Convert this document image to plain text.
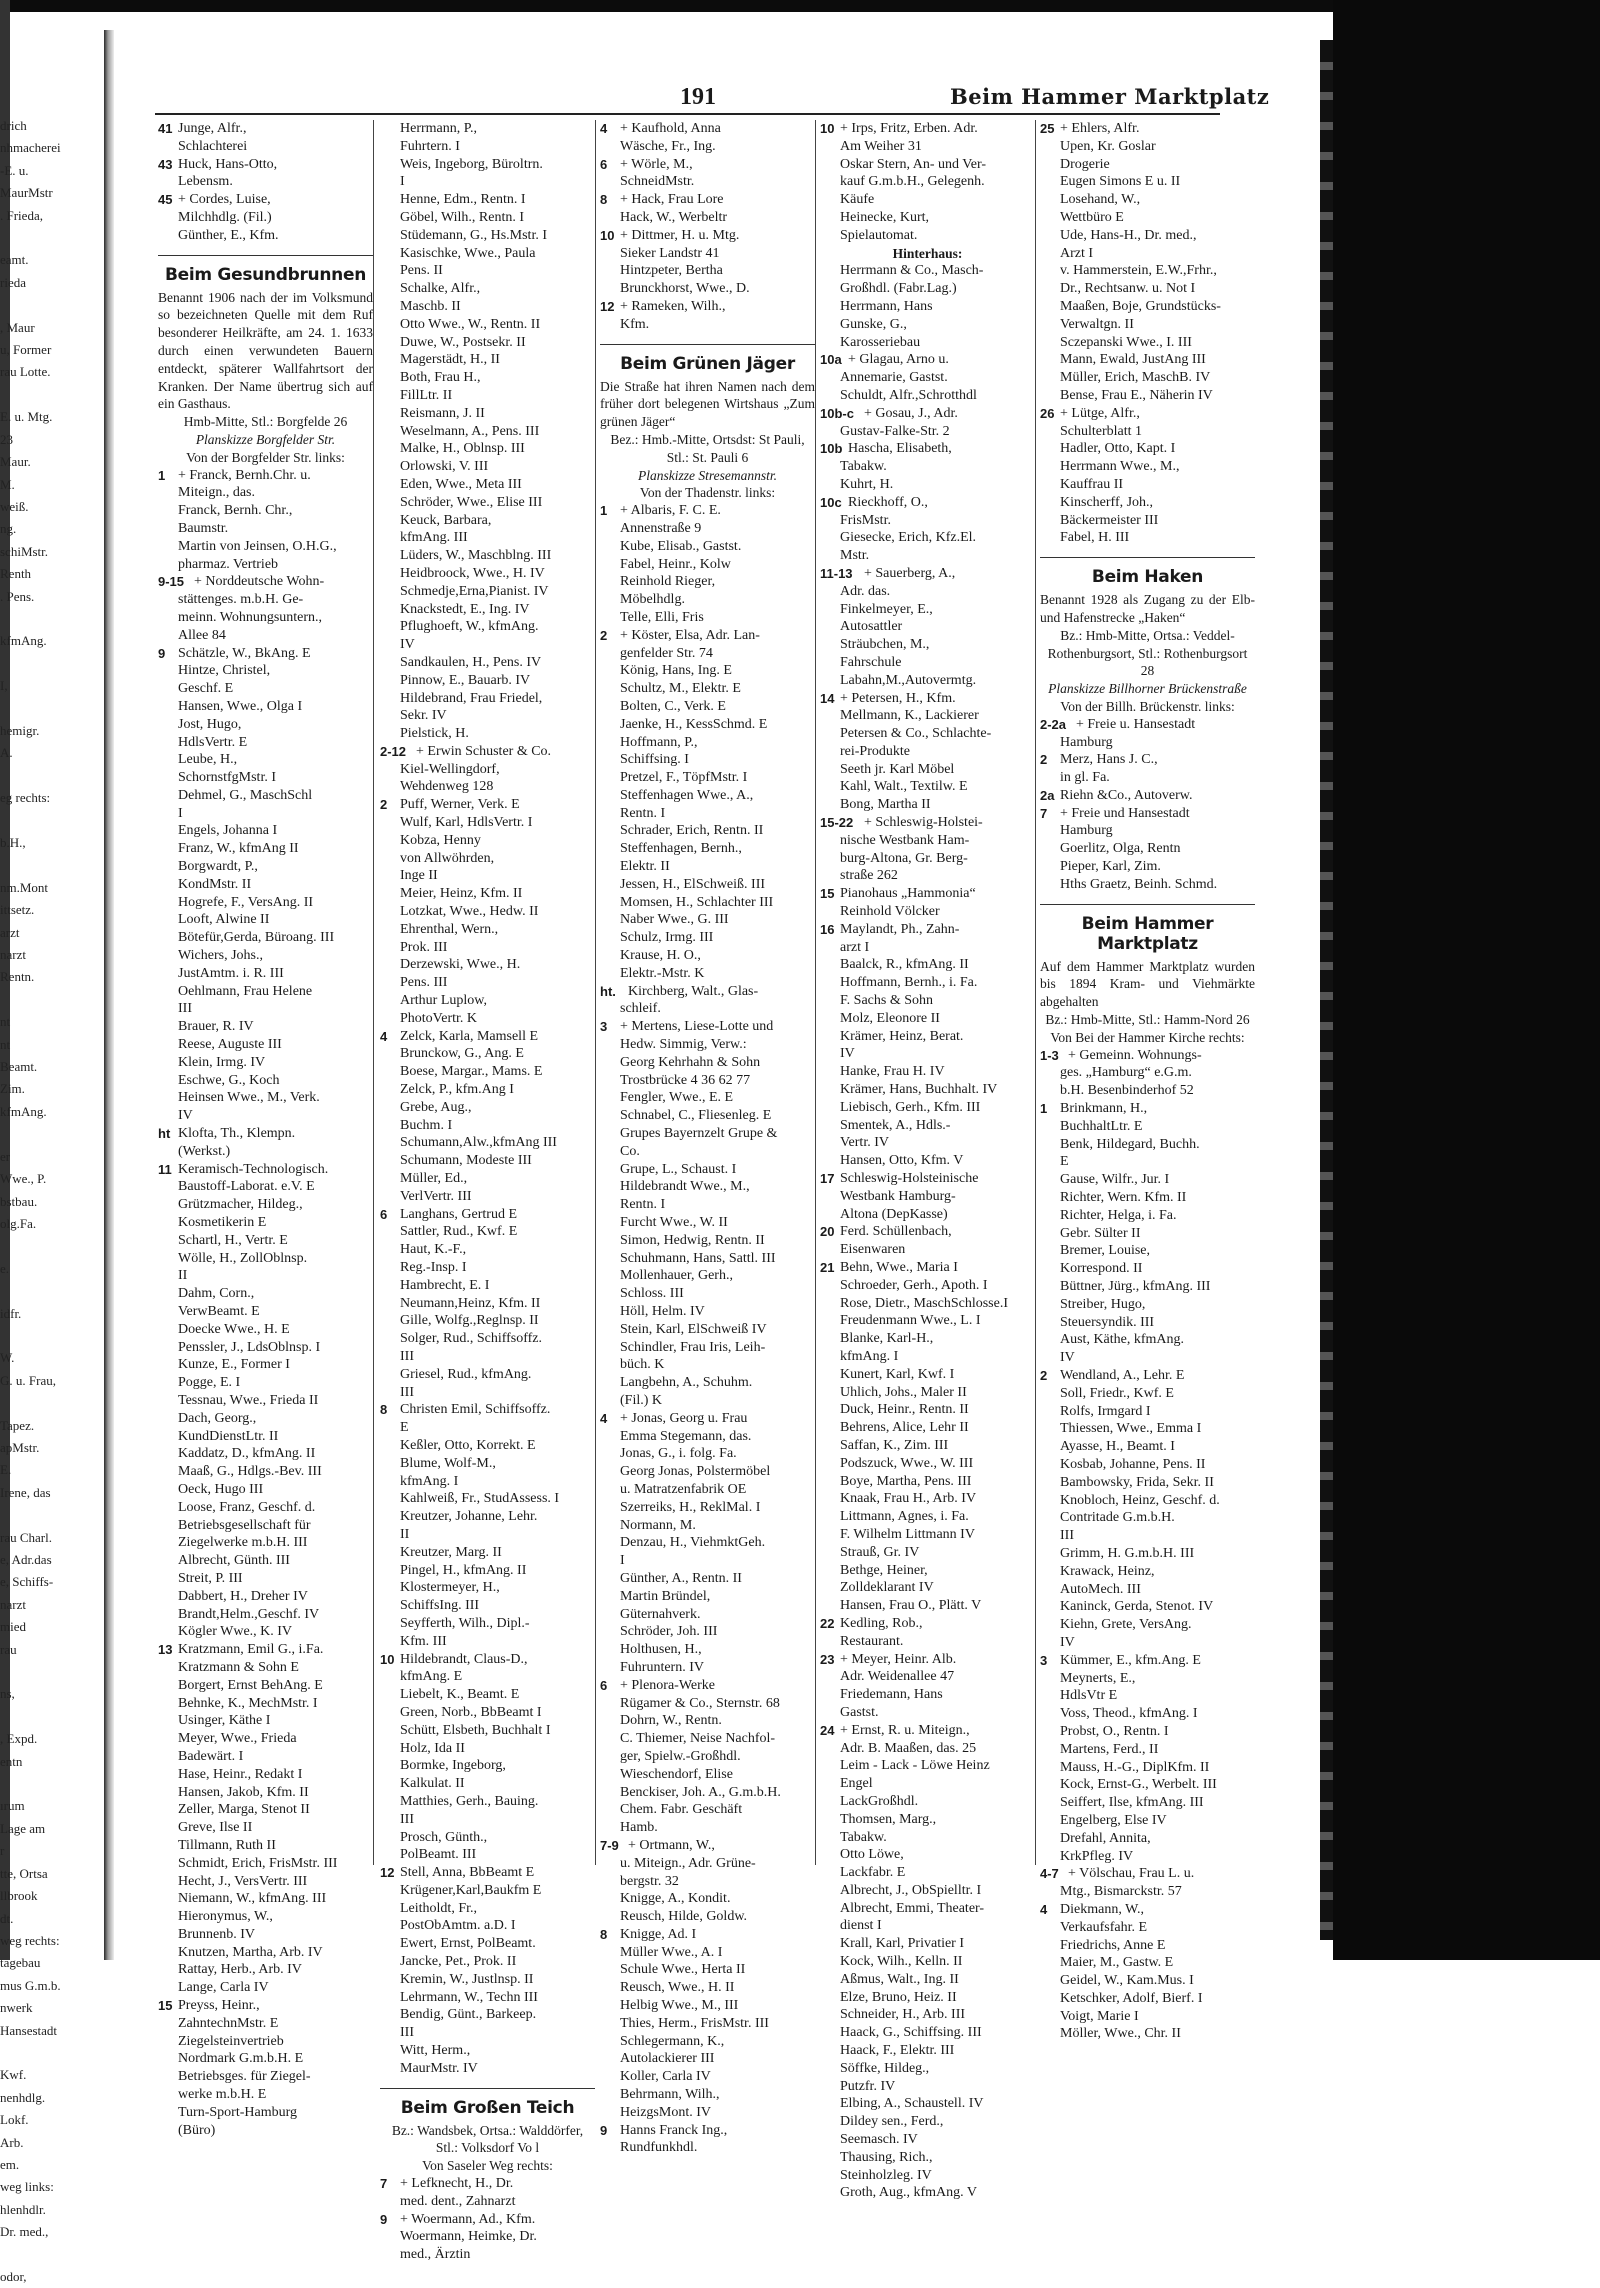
drich
nhmacherei
-E. u.
MaurMstr
. Frieda,

eamt.
rieda

, Maur
u, Former
rau Lotte.

E. u. Mtg.
23
Maur.
M.
weiß.
ng.
schiMstr.
Renth
. Pens.

kfmAng.

I,

hemigr.
A.

eg rechts:

b.H.,

nm.Mont
ittsetz.
arzt
narzt
Rentn.

nt
nt
Beamt.
Zim.
kfmAng.

er
Wwe., P.
bstbau.
olg.Fa.

e.

idfr.

W.
G. u. Frau,

Tapez.
apMstr.
E.
Irene, das

rau Charl.
e, Adr.das
e, Schiffs-
narzt
mied
rau

ns,

, Expd.
entn

ırum
Lage am
r
tte, Ortsa
llbrook
dt.
weg rechts:
tagebau
mus G.m.b.
nwerk
Hansestadt

Kwf.
nenhdlg.
Lokf.
Arb.
em.
weg links:
hlenhdlr.
Dr. med.,

odor,
191	Beim Hammer Marktplatz
41 Junge, Alfr.,
Schlachterei
43 Huck, Hans-Otto,
Lebensm.
45 + Cordes, Luise,
Milchhdlg. (Fil.)
Günther, E., Kfm.
Beim Gesundbrunnen
Benannt 1906 nach der im Volksmund so bezeichneten Quelle mit dem Ruf besonderer Heilkräfte, am 24. 1. 1633 durch einen verwundeten Bauern entdeckt, späterer Wallfahrtsort der Kranken. Der Name übertrug sich auf ein Gasthaus.
Hmb-Mitte, Stl.: Borgfelde 26
Planskizze Borgfelder Str.
Von der Borgfelder Str. links:
1 + Franck, Bernh.Chr. u.
Miteign., das.
Franck, Bernh. Chr.,
Baumstr.
Martin von Jeinsen, O.H.G.,
pharmaz. Vertrieb
9-15 + Norddeutsche Wohn-
stättenges. m.b.H. Ge-
meinn. Wohnungsuntern.,
Allee 84
9 Schätzle, W., BkAng. E
Hintze, Christel,
Geschf. E
Hansen, Wwe., Olga I
Jost, Hugo,
HdlsVertr. E
Leube, H.,
SchornstfgMstr. I
Dehmel, G., MaschSchl
I
Engels, Johanna I
Franz, W., kfmAng II
Borgwardt, P.,
KondMstr. II
Hogrefe, F., VersAng. II
Looft, Alwine II
Bötefür,Gerda, Büroang. III
Wichers, Johs.,
JustAmtm. i. R. III
Oehlmann, Frau Helene
III
Brauer, R. IV
Reese, Auguste III
Klein, Irmg. IV
Eschwe, G., Koch
Heinsen Wwe., M., Verk.
IV
ht Klofta, Th., Klempn.
(Werkst.)
11 Keramisch-Technologisch.
Baustoff-Laborat. e.V. E
Grützmacher, Hildeg.,
Kosmetikerin E
Schartl, H., Vertr. E
Wölle, H., ZollOblnsp.
II
Dahm, Corn.,
VerwBeamt. E
Doecke Wwe., H. E
Penssler, J., LdsOblnsp. I
Kunze, E., Former I
Pogge, E. I
Tessnau, Wwe., Frieda II
Dach, Georg.,
KundDienstLtr. II
Kaddatz, D., kfmAng. II
Maaß, G., Hdlgs.-Bev. III
Oeck, Hugo III
Loose, Franz, Geschf. d.
Betriebsgesellschaft für
Ziegelwerke m.b.H. III
Albrecht, Günth. III
Streit, P. III
Dabbert, H., Dreher IV
Brandt,Helm.,Geschf. IV
Kögler Wwe., K. IV
13 Kratzmann, Emil G., i.Fa.
Kratzmann & Sohn E
Borgert, Ernst BehAng. E
Behnke, K., MechMstr. I
Usinger, Käthe I
Meyer, Wwe., Frieda
Badewärt. I
Hase, Heinr., Redakt I
Hansen, Jakob, Kfm. II
Zeller, Marga, Stenot II
Greve, Ilse II
Tillmann, Ruth II
Schmidt, Erich, FrisMstr. III
Hecht, J., VersVertr. III
Niemann, W., kfmAng. III
Hieronymus, W.,
Brunnenb. IV
Knutzen, Martha, Arb. IV
Rattay, Herb., Arb. IV
Lange, Carla IV
15 Preyss, Heinr.,
ZahntechnMstr. E
Ziegelsteinvertrieb
Nordmark G.m.b.H. E
Betriebsges. für Ziegel-
werke m.b.H. E
Turn-Sport-Hamburg
(Büro)
Herrmann, P.,
Fuhrtern. I
Weis, Ingeborg, Büroltrn.
I
Henne, Edm., Rentn. I
Göbel, Wilh., Rentn. I
Stüdemann, G., Hs.Mstr. I
Kasischke, Wwe., Paula
Pens. II
Schalke, Alfr.,
Maschb. II
Otto Wwe., W., Rentn. II
Duwe, W., Postsekr. II
Magerstädt, H., II
Both, Frau H.,
FillLtr. II
Reismann, J. II
Weselmann, A., Pens. III
Malke, H., Oblnsp. III
Orlowski, V. III
Eden, Wwe., Meta III
Schröder, Wwe., Elise III
Keuck, Barbara,
kfmAng. III
Lüders, W., Maschblng. III
Heidbroock, Wwe., H. IV
Schmedje,Erna,Pianist. IV
Knackstedt, E., Ing. IV
Pflughoeft, W., kfmAng.
IV
Sandkaulen, H., Pens. IV
Pinnow, E., Bauarb. IV
Hildebrand, Frau Friedel,
Sekr. IV
Pielstick, H.
2-12 + Erwin Schuster & Co.
Kiel-Wellingdorf,
Wehdenweg 128
2 Puff, Werner, Verk. E
Wulf, Karl, HdlsVertr. I
Kobza, Henny
von Allwöhrden,
Inge II
Meier, Heinz, Kfm. II
Lotzkat, Wwe., Hedw. II
Ehrenthal, Wern.,
Prok. III
Derzewski, Wwe., H.
Pens. III
Arthur Luplow,
PhotoVertr. K
4 Zelck, Karla, Mamsell E
Brunckow, G., Ang. E
Boese, Margar., Mams. E
Zelck, P., kfm.Ang I
Grebe, Aug.,
Buchm. I
Schumann,Alw.,kfmAng III
Schumann, Modeste III
Müller, Ed.,
VerlVertr. III
6 Langhans, Gertrud E
Sattler, Rud., Kwf. E
Haut, K.-F.,
Reg.-Insp. I
Hambrecht, E. I
Neumann,Heinz, Kfm. II
Gille, Wolfg.,Reglnsp. II
Solger, Rud., Schiffsoffz.
III
Griesel, Rud., kfmAng.
III
8 Christen Emil, Schiffsoffz.
E
Keßler, Otto, Korrekt. E
Blume, Wolf-M.,
kfmAng. I
Kahlweiß, Fr., StudAssess. I
Kreutzer, Johanne, Lehr.
II
Kreutzer, Marg. II
Pingel, H., kfmAng. II
Klostermeyer, H.,
SchiffsIng. III
Seyfferth, Wilh., Dipl.-
Kfm. III
10 Hildebrandt, Claus-D.,
kfmAng. E
Liebelt, K., Beamt. E
Green, Norb., BbBeamt I
Schütt, Elsbeth, Buchhalt I
Holz, Ida II
Bormke, Ingeborg,
Kalkulat. II
Matthies, Gerh., Bauing.
III
Prosch, Günth.,
PolBeamt. III
12 Stell, Anna, BbBeamt E
Krügener,Karl,Baukfm E
Leitholdt, Fr.,
PostObAmtm. a.D. I
Ewert, Ernst, PolBeamt.
Jancke, Pet., Prok. II
Kremin, W., Justlnsp. II
Lehrmann, W., Techn III
Bendig, Günt., Barkeep.
III
Witt, Herm.,
MaurMstr. IV
Beim Großen Teich
Bz.: Wandsbek, Ortsa.: Walddörfer, Stl.: Volksdorf Vo l
Von Saseler Weg rechts:
7 + Lefknecht, H., Dr.
med. dent., Zahnarzt
9 + Woermann, Ad., Kfm.
Woermann, Heimke, Dr.
med., Ärztin
4 + Kaufhold, Anna
Wäsche, Fr., Ing.
6 + Wörle, M.,
SchneidMstr.
8 + Hack, Frau Lore
Hack, W., Werbeltr
10 + Dittmer, H. u. Mtg.
Sieker Landstr 41
Hintzpeter, Bertha
Brunckhorst, Wwe., D.
12 + Rameken, Wilh.,
Kfm.
Beim Grünen Jäger
Die Straße hat ihren Namen nach dem früher dort belegenen Wirtshaus „Zum grünen Jäger“
Bez.: Hmb.-Mitte, Ortsdst: St Pauli, Stl.: St. Pauli 6
Planskizze Stresemannstr.
Von der Thadenstr. links:
1 + Albaris, F. C. E.
Annenstraße 9
Kube, Elisab., Gastst.
Fabel, Heinr., Kolw
Reinhold Rieger,
Möbelhdlg.
Telle, Elli, Fris
2 + Köster, Elsa, Adr. Lan-
genfelder Str. 74
König, Hans, Ing. E
Schultz, M., Elektr. E
Bolten, C., Verk. E
Jaenke, H., KessSchmd. E
Hoffmann, P.,
Schiffsing. I
Pretzel, F., TöpfMstr. I
Steffenhagen Wwe., A.,
Rentn. I
Schrader, Erich, Rentn. II
Steffenhagen, Bernh.,
Elektr. II
Jessen, H., ElSchweiß. III
Momsen, H., Schlachter III
Naber Wwe., G. III
Schulz, Irmg. III
Krause, H. O.,
Elektr.-Mstr. K
ht. Kirchberg, Walt., Glas-
schleif.
3 + Mertens, Liese-Lotte und
Hedw. Simmig, Verw.:
Georg Kehrhahn & Sohn
Trostbrücke 4 36 62 77
Fengler, Wwe., E. E
Schnabel, C., Fliesenleg. E
Grupes Bayernzelt Grupe &
Co.
Grupe, L., Schaust. I
Hildebrandt Wwe., M.,
Rentn. I
Furcht Wwe., W. II
Simon, Hedwig, Rentn. II
Schuhmann, Hans, Sattl. III
Mollenhauer, Gerh.,
Schloss. III
Höll, Helm. IV
Stein, Karl, ElSchweiß IV
Schindler, Frau Iris, Leih-
büch. K
Langbehn, A., Schuhm.
(Fil.) K
4 + Jonas, Georg u. Frau
Emma Stegemann, das.
Jonas, G., i. folg. Fa.
Georg Jonas, Polstermöbel
u. Matratzenfabrik OE
Szerreiks, H., ReklMal. I
Normann, M.
Denzau, H., ViehmktGeh.
I
Günther, A., Rentn. II
Martin Bründel,
Güternahverk.
Schröder, Joh. III
Holthusen, H.,
Fuhruntern. IV
6 + Plenora-Werke
Rügamer & Co., Sternstr. 68
Dohrn, W., Rentn.
C. Thiemer, Neise Nachfol-
ger, Spielw.-Großhdl.
Wieschendorf, Elise
Benckiser, Joh. A., G.m.b.H.
Chem. Fabr. Geschäft
Hamb.
7-9 + Ortmann, W.,
u. Miteign., Adr. Grüne-
bergstr. 32
Knigge, A., Kondit.
Reusch, Hilde, Goldw.
8 Knigge, Ad. I
Müller Wwe., A. I
Schule Wwe., Herta II
Reusch, Wwe., H. II
Helbig Wwe., M., III
Thies, Herm., FrisMstr. III
Schlegermann, K.,
Autolackierer III
Koller, Carla IV
Behrmann, Wilh.,
HeizgsMont. IV
9 Hanns Franck Ing.,
Rundfunkhdl.
10 + Irps, Fritz, Erben. Adr.
Am Weiher 31
Oskar Stern, An- und Ver-
kauf G.m.b.H., Gelegenh.
Käufe
Heinecke, Kurt,
Spielautomat.
Hinterhaus:
Herrmann & Co., Masch-
Großhdl. (Fabr.Lag.)
Herrmann, Hans
Gunske, G.,
Karosseriebau
10a + Glagau, Arno u.
Annemarie, Gastst.
Schuldt, Alfr.,Schrotthdl
10b-c + Gosau, J., Adr.
Gustav-Falke-Str. 2
10b Hascha, Elisabeth,
Tabakw.
Kuhrt, H.
10c Rieckhoff, O.,
FrisMstr.
Giesecke, Erich, Kfz.El.
Mstr.
11-13 + Sauerberg, A.,
Adr. das.
Finkelmeyer, E.,
Autosattler
Sträubchen, M.,
Fahrschule
Labahn,M.,Autovermtg.
14 + Petersen, H., Kfm.
Mellmann, K., Lackierer
Petersen & Co., Schlachte-
rei-Produkte
Seeth jr. Karl Möbel
Kahl, Walt., Textilw. E
Bong, Martha II
15-22 + Schleswig-Holstei-
nische Westbank Ham-
burg-Altona, Gr. Berg-
straße 262
15 Pianohaus „Hammonia“
Reinhold Völcker
16 Maylandt, Ph., Zahn-
arzt I
Baalck, R., kfmAng. II
Hoffmann, Bernh., i. Fa.
F. Sachs & Sohn
Molz, Eleonore II
Krämer, Heinz, Berat.
IV
Hanke, Frau H. IV
Krämer, Hans, Buchhalt. IV
Liebisch, Gerh., Kfm. III
Smentek, A., Hdls.-
Vertr. IV
Hansen, Otto, Kfm. V
17 Schleswig-Holsteinische
Westbank Hamburg-
Altona (DepKasse)
20 Ferd. Schüllenbach,
Eisenwaren
21 Behn, Wwe., Maria I
Schroeder, Gerh., Apoth. I
Rose, Dietr., MaschSchlosse.I
Freudenmann Wwe., L. I
Blanke, Karl-H.,
kfmAng. I
Kunert, Karl, Kwf. I
Uhlich, Johs., Maler II
Duck, Heinr., Rentn. II
Behrens, Alice, Lehr II
Saffan, K., Zim. III
Podszuck, Wwe., W. III
Boye, Martha, Pens. III
Knaak, Frau H., Arb. IV
Littmann, Agnes, i. Fa.
F. Wilhelm Littmann IV
Strauß, Gr. IV
Bethge, Heiner,
Zolldeklarant IV
Hansen, Frau O., Plätt. V
22 Kedling, Rob.,
Restaurant.
23 + Meyer, Heinr. Alb.
Adr. Weidenallee 47
Friedemann, Hans
Gastst.
24 + Ernst, R. u. Miteign.,
Adr. B. Maaßen, das. 25
Leim - Lack - Löwe Heinz
Engel
LackGroßhdl.
Thomsen, Marg.,
Tabakw.
Otto Löwe,
Lackfabr. E
Albrecht, J., ObSpielltr. I
Albrecht, Emmi, Theater-
dienst I
Krall, Karl, Privatier I
Kock, Wilh., Kelln. II
Aßmus, Walt., Ing. II
Elze, Bruno, Heiz. II
Schneider, H., Arb. III
Haack, G., Schiffsing. III
Haack, F., Elektr. III
Söffke, Hildeg.,
Putzfr. IV
Elbing, A., Schaustell. IV
Dildey sen., Ferd.,
Seemasch. IV
Thausing, Rich.,
Steinholzleg. IV
Groth, Aug., kfmAng. V
25 + Ehlers, Alfr.
Upen, Kr. Goslar
Drogerie
Eugen Simons E u. II
Losehand, W.,
Wettbüro E
Ude, Hans-H., Dr. med.,
Arzt I
v. Hammerstein, E.W.,Frhr.,
Dr., Rechtsanw. u. Not I
Maaßen, Boje, Grundstücks-
Verwaltgn. II
Sczepanski Wwe., I. III
Mann, Ewald, JustAng III
Müller, Erich, MaschB. IV
Bense, Frau E., Näherin IV
26 + Lütge, Alfr.,
Schulterblatt 1
Hadler, Otto, Kapt. I
Herrmann Wwe., M.,
Kauffrau II
Kinscherff, Joh.,
Bäckermeister III
Fabel, H. III
Beim Haken
Benannt 1928 als Zugang zu der Elb- und Hafenstrecke „Haken“
Bz.: Hmb-Mitte, Ortsa.: Veddel-Rothenburgsort, Stl.: Rothenburgsort 28
Planskizze Billhorner Brückenstraße
Von der Billh. Brückenstr. links:
2-2a + Freie u. Hansestadt
Hamburg
2 Merz, Hans J. C.,
in gl. Fa.
2a Riehn &Co., Autoverw.
7 + Freie und Hansestadt
Hamburg
Goerlitz, Olga, Rentn
Pieper, Karl, Zim.
Hths Graetz, Beinh. Schmd.
Beim Hammer Marktplatz
Auf dem Hammer Marktplatz wurden bis 1894 Kram- und Viehmärkte abgehalten
Bz.: Hmb-Mitte, Stl.: Hamm-Nord 26
Von Bei der Hammer Kirche rechts:
1-3 + Gemeinn. Wohnungs-
ges. „Hamburg“ e.G.m.
b.H. Besenbinderhof 52
1 Brinkmann, H.,
BuchhaltLtr. E
Benk, Hildegard, Buchh.
E
Gause, Wilfr., Jur. I
Richter, Wern. Kfm. II
Richter, Helga, i. Fa.
Gebr. Sülter II
Bremer, Louise,
Korrespond. II
Büttner, Jürg., kfmAng. III
Streiber, Hugo,
Steuersyndik. III
Aust, Käthe, kfmAng.
IV
2 Wendland, A., Lehr. E
Soll, Friedr., Kwf. E
Rolfs, Irmgard I
Thiessen, Wwe., Emma I
Ayasse, H., Beamt. I
Kosbab, Johanne, Pens. II
Bambowsky, Frida, Sekr. II
Knobloch, Heinz, Geschf. d.
Contritade G.m.b.H.
III
Grimm, H. G.m.b.H. III
Krawack, Heinz,
AutoMech. III
Kaninck, Gerda, Stenot. IV
Kiehn, Grete, VersAng.
IV
3 Kümmer, E., kfm.Ang. E
Meynerts, E.,
HdlsVtr E
Voss, Theod., kfmAng. I
Probst, O., Rentn. I
Martens, Ferd., II
Mauss, H.-G., DiplKfm. II
Kock, Ernst-G., Werbelt. III
Seiffert, Ilse, kfmAng. III
Engelberg, Else IV
Drefahl, Annita,
KrkPfleg. IV
4-7 + Völschau, Frau L. u.
Mtg., Bismarckstr. 57
4 Diekmann, W.,
Verkaufsfahr. E
Friedrichs, Anne E
Maier, M., Gastw. E
Geidel, W., Kam.Mus. I
Ketschker, Adolf, Bierf. I
Voigt, Marie I
Möller, Wwe., Chr. II
